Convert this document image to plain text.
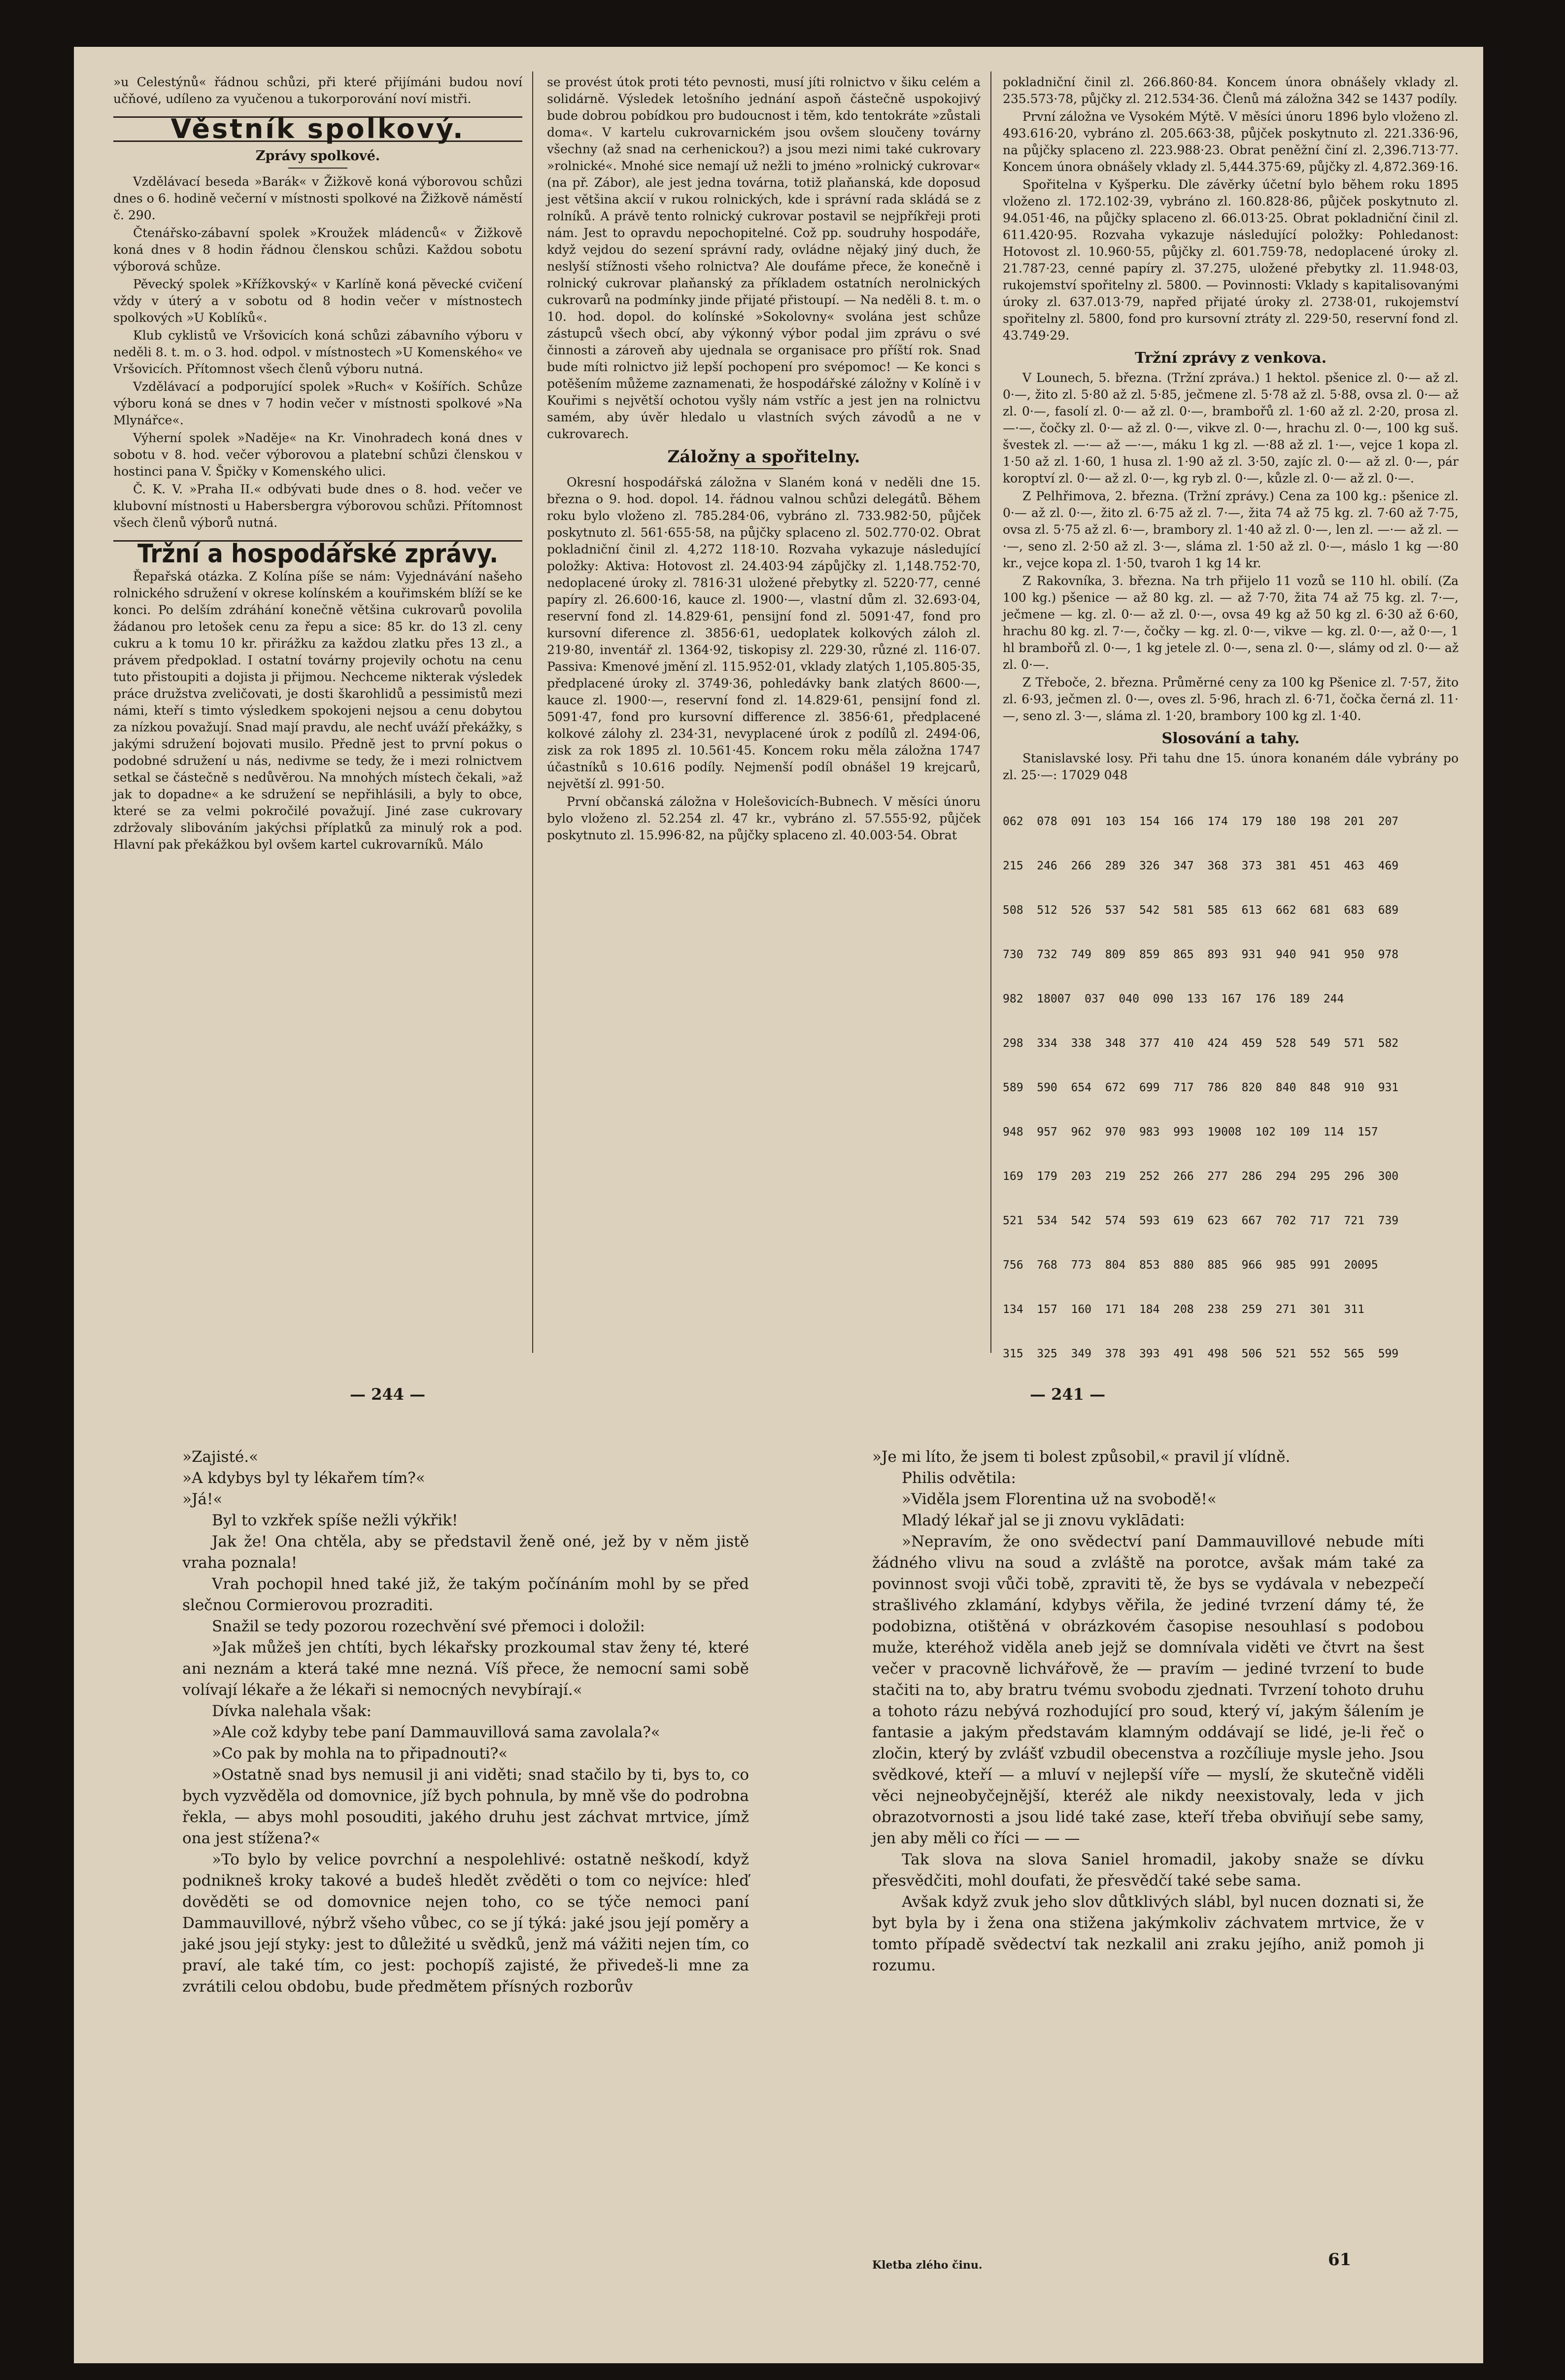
»u Celestýnů« řádnou schůzi, při které přijímáni budou noví učňové, udíleno za vyučenou a tukorporování noví mistři.

Věstník spolkový.
Zprávy spolkové.

Vzdělávací beseda »Barák« v Žižkově koná výborovou schůzi dnes o 6. hodině večerní v místnosti spolkové na Žižkově náměstí č. 290.

Čtenářsko-zábavní spolek »Kroužek mládenců« v Žižkově koná dnes v 8 hodin řádnou členskou schůzi. Každou sobotu výborová schůze.

Pěvecký spolek »Křížkovský« v Karlíně koná pěvecké cvičení vždy v úterý a v sobotu od 8 hodin večer v místnostech spolkových »U Koblíků«.

Klub cyklistů ve Vršovicích koná schůzi zábavního výboru v neděli 8. t. m. o 3. hod. odpol. v místnostech »U Komenského« ve Vršovicích. Přítomnost všech členů výboru nutná.

Vzdělávací a podporující spolek »Ruch« v Košířích. Schůze výboru koná se dnes v 7 hodin večer v místnosti spolkové »Na Mlynářce«.

Výherní spolek »Naděje« na Kr. Vinohradech koná dnes v sobotu v 8. hod. večer výborovou a platební schůzi členskou v hostinci pana V. Špičky v Komenského ulici.

Č. K. V. »Praha II.« odbývati bude dnes o 8. hod. večer ve klubovní místnosti u Habersbergra výborovou schůzi. Přítomnost všech členů výborů nutná.

Tržní a hospodářské zprávy.

Řepařská otázka. Z Kolína píše se nám: Vyjednávání našeho rolnického sdružení v okrese kolínském a kouřimském blíží se ke konci. Po delším zdráhání konečně většina cukrovarů povolila žádanou pro letošek cenu za řepu a sice: 85 kr. do 13 zl. ceny cukru a k tomu 10 kr. přirážku za každou zlatku přes 13 zl., a právem předpoklad. I ostatní továrny projevily ochotu na cenu tuto přistoupiti a dojista ji přijmou. Nechceme nikterak výsledek práce družstva zveličovati, je dosti škarohlidů a pessimistů mezi námi, kteří s timto výsledkem spokojeni nejsou a cenu dobytou za nízkou považují. Snad mají pravdu, ale nechť uváží překážky, s jakými sdružení bojovati musilo. Předně jest to první pokus o podobné sdružení u nás, nedivme se tedy, že i mezi rolnictvem setkal se částečně s nedůvěrou. Na mnohých místech čekali, »až jak to dopadne« a ke sdružení se nepřihlásili, a byly to obce, které se za velmi pokročilé považují. Jiné zase cukrovary zdržovaly slibováním jakýchsi příplatků za minulý rok a pod. Hlavní pak překážkou byl ovšem kartel cukrovarníků. Málo

se provést útok proti této pevnosti, musí jíti rolnictvo v šiku celém a solidárně. Výsledek letošního jednání aspoň částečně uspokojivý bude dobrou pobídkou pro budoucnost i těm, kdo tentokráte »zůstali doma«. V kartelu cukrovarnickém jsou ovšem sloučeny továrny všechny (až snad na cerhenickou?) a jsou mezi nimi také cukrovary »rolnické«. Mnohé sice nemají už nežli to jméno »rolnický cukrovar« (na př. Zábor), ale jest jedna továrna, totiž plaňanská, kde doposud jest většina akcií v rukou rolnických, kde i správní rada skládá se z rolníků. A právě tento rolnický cukrovar postavil se nejpříkřeji proti nám. Jest to opravdu nepochopitelné. Což pp. soudruhy hospodáře, když vejdou do sezení správní rady, ovládne nějaký jiný duch, že neslyší stížnosti všeho rolnictva? Ale doufáme přece, že konečně i rolnický cukrovar plaňanský za příkladem ostatních nerolnických cukrovarů na podmínky jinde přijaté přistoupí. — Na neděli 8. t. m. o 10. hod. dopol. do kolínské »Sokolovny« svolána jest schůze zástupců všech obcí, aby výkonný výbor podal jim zprávu o své činnosti a zároveň aby ujednala se organisace pro příští rok. Snad bude míti rolnictvo již lepší pochopení pro svépomoc! — Ke konci s potěšením můžeme zaznamenati, že hospodářské záložny v Kolíně i v Kouřimi s největší ochotou vyšly nám vstříc a jest jen na rolnictvu samém, aby úvěr hledalo u vlastních svých závodů a ne v cukrovarech.

Záložny a spořitelny.

Okresní hospodářská záložna v Slaném koná v neděli dne 15. března o 9. hod. dopol. 14. řádnou valnou schůzi delegátů. Během roku bylo vloženo zl. 785.284·06, vybráno zl. 733.982·50, půjček poskytnuto zl. 561·655·58, na půjčky splaceno zl. 502.770·02. Obrat pokladniční činil zl. 4,272 118·10. Rozvaha vykazuje následující položky: Aktiva: Hotovost zl. 24.403·94 zápůjčky zl. 1,148.752·70, nedoplacené úroky zl. 7816·31 uložené přebytky zl. 5220·77, cenné papíry zl. 26.600·16, kauce zl. 1900·—, vlastní dům zl. 32.693·04, reservní fond zl. 14.829·61, pensijní fond zl. 5091·47, fond pro kursovní diference zl. 3856·61, uedoplatek kolkových záloh zl. 219·80, inventář zl. 1364·92, tiskopisy zl. 229·30, různé zl. 116·07. Passiva: Kmenové jmění zl. 115.952·01, vklady zlatých 1,105.805·35, předplacené úroky zl. 3749·36, pohledávky bank zlatých 8600·—, kauce zl. 1900·—, reservní fond zl. 14.829·61, pensijní fond zl. 5091·47, fond pro kursovní difference zl. 3856·61, předplacené kolkové zálohy zl. 234·31, nevyplacené úrok z podílů zl. 2494·06, zisk za rok 1895 zl. 10.561·45. Koncem roku měla záložna 1747 účastníků s 10.616 podíly. Nejmenší podíl obnášel 19 krejcarů, největší zl. 991·50.

První občanská záložna v Holešovicích-Bubnech. V měsíci únoru bylo vloženo zl. 52.254 zl. 47 kr., vybráno zl. 57.555·92, půjček poskytnuto zl. 15.996·82, na půjčky splaceno zl. 40.003·54. Obrat

pokladniční činil zl. 266.860·84. Koncem února obnášely vklady zl. 235.573·78, půjčky zl. 212.534·36. Členů má záložna 342 se 1437 podíly.

První záložna ve Vysokém Mýtě. V měsíci únoru 1896 bylo vloženo zl. 493.616·20, vybráno zl. 205.663·38, půjček poskytnuto zl. 221.336·96, na půjčky splaceno zl. 223.988·23. Obrat peněžní činí zl. 2,396.713·77. Koncem února obnášely vklady zl. 5,444.375·69, půjčky zl. 4,872.369·16.

Spořitelna v Kyšperku. Dle závěrky účetní bylo během roku 1895 vloženo zl. 172.102·39, vybráno zl. 160.828·86, půjček poskytnuto zl. 94.051·46, na půjčky splaceno zl. 66.013·25. Obrat pokladniční činil zl. 611.420·95. Rozvaha vykazuje následující položky: Pohledanost: Hotovost zl. 10.960·55, půjčky zl. 601.759·78, nedoplacené úroky zl. 21.787·23, cenné papíry zl. 37.275, uložené přebytky zl. 11.948·03, rukojemství spořitelny zl. 5800. — Povinnosti: Vklady s kapitalisovanými úroky zl. 637.013·79, napřed přijaté úroky zl. 2738·01, rukojemství spořitelny zl. 5800, fond pro kursovní ztráty zl. 229·50, reservní fond zl. 43.749·29.

Tržní zprávy z venkova.

V Lounech, 5. března. (Tržní zpráva.) 1 hektol. pšenice zl. 0·— až zl. 0·—, žito zl. 5·80 až zl. 5·85, ječmene zl. 5·78 až zl. 5·88, ovsa zl. 0·— až zl. 0·—, fasolí zl. 0·— až zl. 0·—, brambořů zl. 1·60 až zl. 2·20, prosa zl. —·—, čočky zl. 0·— až zl. 0·—, vikve zl. 0·—, hrachu zl. 0·—, 100 kg suš. švestek zl. —·— až —·—, máku 1 kg zl. —·88 až zl. 1·—, vejce 1 kopa zl. 1·50 až zl. 1·60, 1 husa zl. 1·90 až zl. 3·50, zajíc zl. 0·— až zl. 0·—, pár koroptví zl. 0·— až zl. 0·—, kg ryb zl. 0·—, kůzle zl. 0·— až zl. 0·—.

Z Pelhřimova, 2. března. (Tržní zprávy.) Cena za 100 kg.: pšenice zl. 0·— až zl. 0·—, žito zl. 6·75 až zl. 7·—, žita 74 až 75 kg. zl. 7·60 až 7·75, ovsa zl. 5·75 až zl. 6·—, brambory zl. 1·40 až zl. 0·—, len zl. —·— až zl. —·—, seno zl. 2·50 až zl. 3·—, sláma zl. 1·50 až zl. 0·—, máslo 1 kg —·80 kr., vejce kopa zl. 1·50, tvaroh 1 kg 14 kr.

Z Rakovníka, 3. března. Na trh přijelo 11 vozů se 110 hl. obilí. (Za 100 kg.) pšenice — až 80 kg. zl. — až 7·70, žita 74 až 75 kg. zl. 7·—, ječmene — kg. zl. 0·— až zl. 0·—, ovsa 49 kg až 50 kg zl. 6·30 až 6·60, hrachu 80 kg. zl. 7·—, čočky — kg. zl. 0·—, vikve — kg. zl. 0·—, až 0·—, 1 hl brambořů zl. 0·—, 1 kg jetele zl. 0·—, sena zl. 0·—, slámy od zl. 0·— až zl. 0·—.

Z Třeboče, 2. března. Průměrné ceny za 100 kg Pšenice zl. 7·57, žito zl. 6·93, ječmen zl. 0·—, oves zl. 5·96, hrach zl. 6·71, čočka černá zl. 11·—, seno zl. 3·—, sláma zl. 1·20, brambory 100 kg zl. 1·40.

Slosování a tahy.

Stanislavské losy. Při tahu dne 15. února konaném dále vybrány po zl. 25·—: 17029 048

062  078  091  103  154  166  174  179  180  198  201  207

215  246  266  289  326  347  368  373  381  451  463  469

508  512  526  537  542  581  585  613  662  681  683  689

730  732  749  809  859  865  893  931  940  941  950  978

982  18007  037  040  090  133  167  176  189  244

298  334  338  348  377  410  424  459  528  549  571  582

589  590  654  672  699  717  786  820  840  848  910  931

948  957  962  970  983  993  19008  102  109  114  157

169  179  203  219  252  266  277  286  294  295  296  300

521  534  542  574  593  619  623  667  702  717  721  739

756  768  773  804  853  880  885  966  985  991  20095

134  157  160  171  184  208  238  259  271  301  311

315  325  349  378  393  491  498  506  521  552  565  599

— 244 —	— 241 —

»Zajisté.«

»A kdybys byl ty lékařem tím?«

»Já!«

Byl to vzkřek spíše nežli výkřik!

Jak že! Ona chtěla, aby se představil ženě oné, jež by v něm jistě vraha poznala!

Vrah pochopil hned také již, že takým počínáním mohl by se před slečnou Cormierovou prozraditi.

Snažil se tedy pozorou rozechvění své přemoci i doložil:

»Jak můžeš jen chtíti, bych lékařsky prozkoumal stav ženy té, které ani neznám a která také mne nezná. Víš přece, že nemocní sami sobě volívají lékaře a že lékaři si nemocných nevybírají.«

Dívka nalehala však:

»Ale což kdyby tebe paní Dammauvillová sama zavolala?«

»Co pak by mohla na to připadnouti?«

»Ostatně snad bys nemusil ji ani viděti; snad stačilo by ti, bys to, co bych vyzvěděla od domovnice, jíž bych pohnula, by mně vše do podrobna řekla, — abys mohl posouditi, jakého druhu jest záchvat mrtvice, jímž ona jest stížena?«

»To bylo by velice povrchní a nespolehlivé: ostatně neškodí, když podnikneš kroky takové a budeš hledět zvěděti o tom co nejvíce: hleď dověděti se od domovnice nejen toho, co se týče nemoci paní Dammauvillové, nýbrž všeho vůbec, co se jí týká: jaké jsou její poměry a jaké jsou její styky: jest to důležité u svědků, jenž má vážiti nejen tím, co praví, ale také tím, co jest: pochopíš zajisté, že přivedeš-li mne za zvrátili celou obdobu, bude předmětem přísných rozborův

»Je mi líto, že jsem ti bolest způsobil,« pravil jí vlídně.

Philis odvětila:

»Viděla jsem Florentina už na svobodě!«

Mladý lékař jal se ji znovu vyklādati:

»Nepravím, že ono svědectví paní Dammauvillové nebude míti žádného vlivu na soud a zvláště na porotce, avšak mám také za povinnost svoji vůči tobě, zpraviti tě, že bys se vydávala v nebezpečí strašlivého zklamání, kdybys věřila, že jediné tvrzení dámy té, že podobizna, otištěná v obrázkovém časopise nesouhlasí s podobou muže, kteréhož viděla aneb jejž se domnívala viděti ve čtvrt na šest večer v pracovně lichvářově, že — pravím — jediné tvrzení to bude stačiti na to, aby bratru tvému svobodu zjednati. Tvrzení tohoto druhu a tohoto rázu nebývá rozhodující pro soud, který ví, jakým šálením je fantasie a jakým představám klamným oddávají se lidé, je-li řeč o zločin, který by zvlášť vzbudil obecenstva a rozčíliuje mysle jeho. Jsou svědkové, kteří — a mluví v nejlepší víře — myslí, že skutečně viděli věci nejneobyčejnější, kteréž ale nikdy neexistovaly, leda v jich obrazotvornosti a jsou lidé také zase, kteří třeba obviňují sebe samy, jen aby měli co říci — — —

Tak slova na slova Saniel hromadil, jakoby snaže se dívku přesvědčiti, mohl doufati, že přesvědčí také sebe sama.

Avšak když zvuk jeho slov důtklivých slábl, byl nucen doznati si, že byt byla by i žena ona stižena jakýmkoliv záchvatem mrtvice, že v tomto případě svědectví tak nezkalil ani zraku jejího, aniž pomoh ji rozumu.

Kletba zlého činu.	61
